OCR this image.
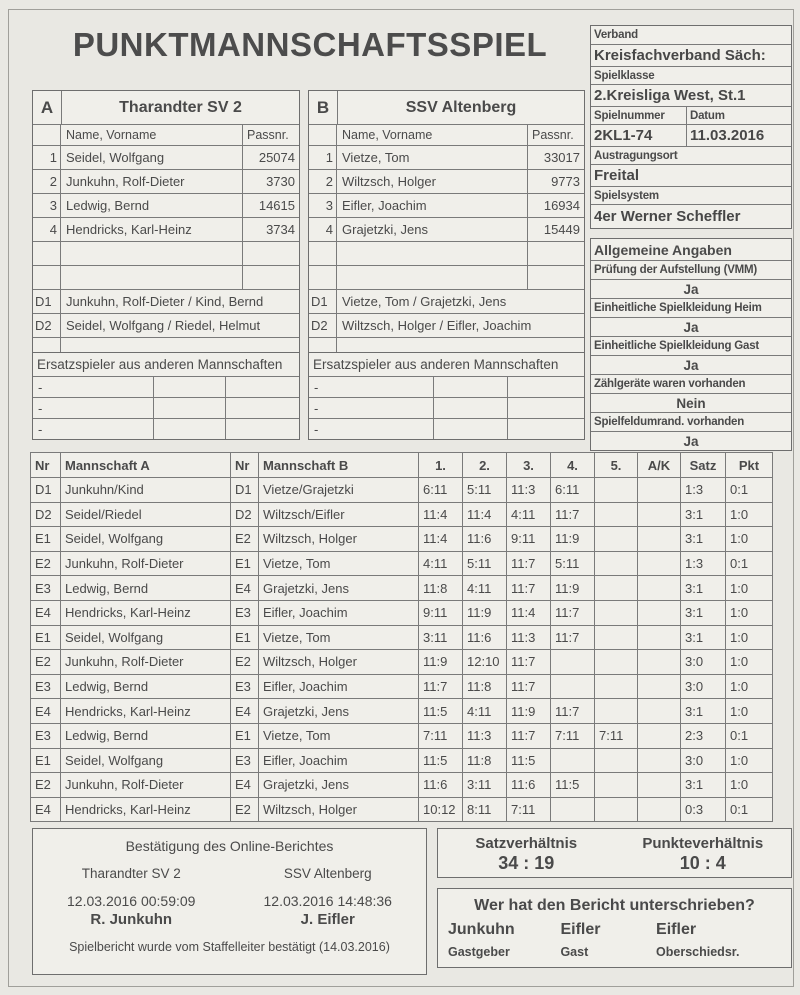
PUNKTMANNSCHAFTSSPIEL
A	Tharandter SV 2
Name, Vorname	Passnr.
1 Seidel, Wolfgang	25074
2 Junkuhn, Rolf-Dieter	3730
3 Ledwig, Bernd	14615
4 Hendricks, Karl-Heinz	3734
D1	Junkuhn, Rolf-Dieter / Kind, Bernd
D2	Seidel, Wolfgang / Riedel, Helmut
B	SSV Altenberg
Name, Vorname	Passnr.
1 Vietze, Tom	33017
2 Wiltzsch, Holger	9773
3 Eifler, Joachim	16934
4 Grajetzki, Jens	15449
D1	Vietze, Tom / Grajetzki, Jens
D2	Wiltzsch, Holger / Eifler, Joachim
Ersatzspieler aus anderen Mannschaften
-
-
-
Ersatzspieler aus anderen Mannschaften
-
-
-
Verband
Kreisfachverband Säch:
Spielklasse
2.Kreisliga West, St.1
Spielnummer	Datum
2KL1-74	11.03.2016
Austragungsort
Freital
Spielsystem
4er Werner Scheffler
Allgemeine Angaben
Prüfung der Aufstellung (VMM)
Ja
Einheitliche Spielkleidung Heim
Ja
Einheitliche Spielkleidung Gast
Ja
Zählgeräte waren vorhanden
Nein
Spielfeldumrand. vorhanden
Ja
Nr	Mannschaft A	Nr	Mannschaft B	1.	2.	3.	4.	5.	A/K	Satz	Pkt
D1	Junkuhn/Kind	D1	Vietze/Grajetzki	6:11	5:11	11:3	6:11			1:3	0:1
D2	Seidel/Riedel	D2	Wiltzsch/Eifler	11:4	11:4	4:11	11:7			3:1	1:0
E1	Seidel, Wolfgang	E2	Wiltzsch, Holger	11:4	11:6	9:11	11:9			3:1	1:0
E2	Junkuhn, Rolf-Dieter	E1	Vietze, Tom	4:11	5:11	11:7	5:11			1:3	0:1
E3	Ledwig, Bernd	E4	Grajetzki, Jens	11:8	4:11	11:7	11:9			3:1	1:0
E4	Hendricks, Karl-Heinz	E3	Eifler, Joachim	9:11	11:9	11:4	11:7			3:1	1:0
E1	Seidel, Wolfgang	E1	Vietze, Tom	3:11	11:6	11:3	11:7			3:1	1:0
E2	Junkuhn, Rolf-Dieter	E2	Wiltzsch, Holger	11:9	12:10	11:7				3:0	1:0
E3	Ledwig, Bernd	E3	Eifler, Joachim	11:7	11:8	11:7				3:0	1:0
E4	Hendricks, Karl-Heinz	E4	Grajetzki, Jens	11:5	4:11	11:9	11:7			3:1	1:0
E3	Ledwig, Bernd	E1	Vietze, Tom	7:11	11:3	11:7	7:11	7:11		2:3	0:1
E1	Seidel, Wolfgang	E3	Eifler, Joachim	11:5	11:8	11:5				3:0	1:0
E2	Junkuhn, Rolf-Dieter	E4	Grajetzki, Jens	11:6	3:11	11:6	11:5			3:1	1:0
E4	Hendricks, Karl-Heinz	E2	Wiltzsch, Holger	10:12	8:11	7:11				0:3	0:1
Bestätigung des Online-Berichtes
Tharandter SV 2	SSV Altenberg
12.03.2016 00:59:09	12.03.2016 14:48:36
R. Junkuhn	J. Eifler
Spielbericht wurde vom Staffelleiter bestätigt (14.03.2016)
Satzverhältnis
34 : 19
Punkteverhältnis
10 : 4
Wer hat den Bericht unterschrieben?
Junkuhn
Gastgeber
Eifler
Gast
Eifler
Oberschiedsr.
